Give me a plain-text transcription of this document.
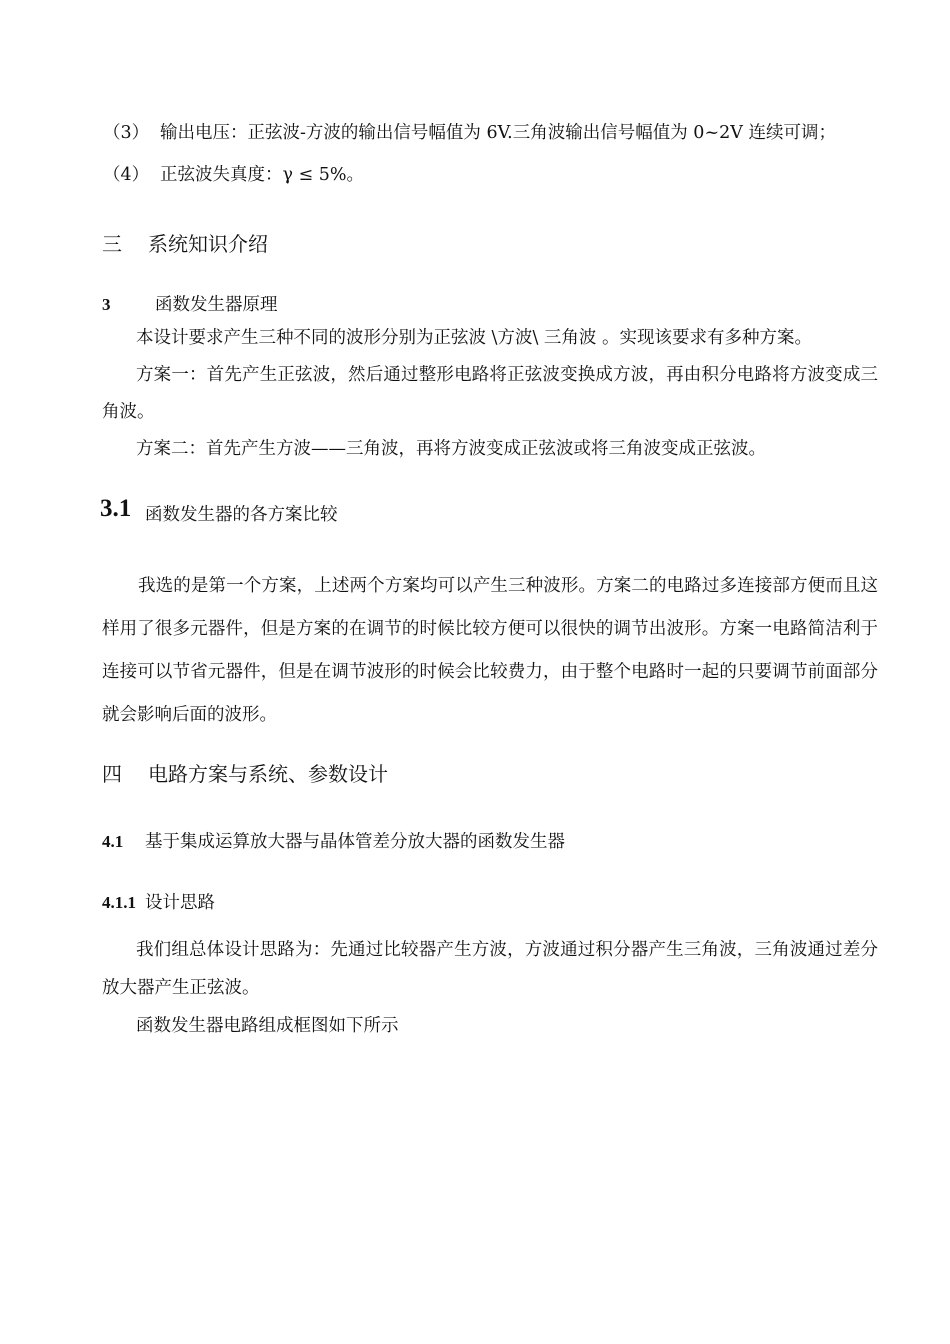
（3） 输出电压：正弦波-方波的输出信号幅值为 6V.三角波输出信号幅值为 0~2V 连续可调；
（4） 正弦波失真度：γ ≤ 5%。
三 系统知识介绍
3	函数发生器原理

本设计要求产生三种不同的波形分别为正弦波 \方波\ 三角波 。实现该要求有多种方案。

方案一：首先产生正弦波，然后通过整形电路将正弦波变换成方波，再由积分电路将方波变成三角波。

方案二：首先产生方波——三角波，再将方波变成正弦波或将三角波变成正弦波。

3.1 函数发生器的各方案比较

我选的是第一个方案，上述两个方案均可以产生三种波形。方案二的电路过多连接部方便而且这样用了很多元器件，但是方案的在调节的时候比较方便可以很快的调节出波形。方案一电路简洁利于连接可以节省元器件，但是在调节波形的时候会比较费力，由于整个电路时一起的只要调节前面部分就会影响后面的波形。

四 电路方案与系统、参数设计
4.1 基于集成运算放大器与晶体管差分放大器的函数发生器
4.1.1 设计思路

我们组总体设计思路为：先通过比较器产生方波，方波通过积分器产生三角波，三角波通过差分放大器产生正弦波。

函数发生器电路组成框图如下所示
